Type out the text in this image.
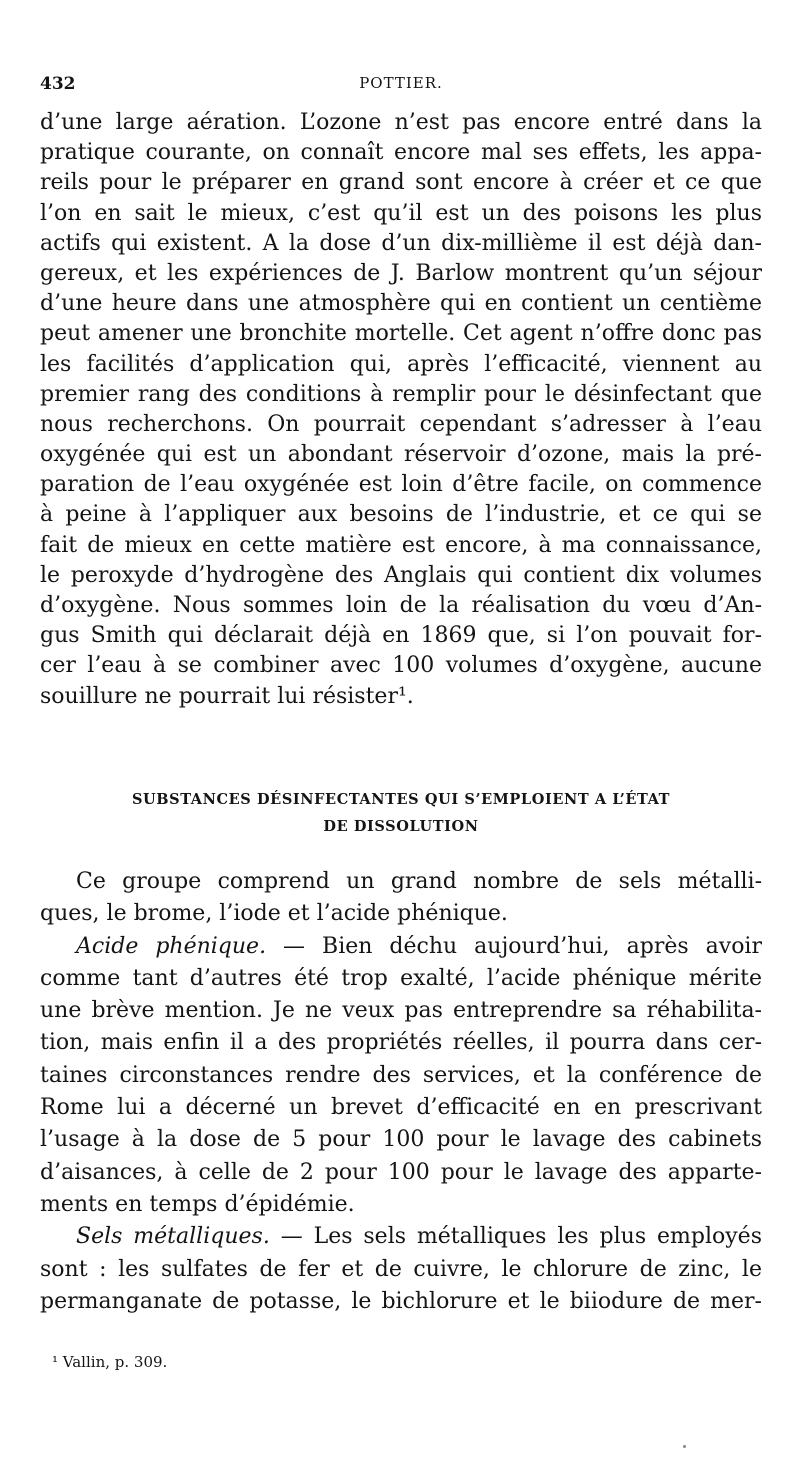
432	POTTIER.
d’une large aération. L’ozone n’est pas encore entré dans la
pratique courante, on connaît encore mal ses effets, les appa-
reils pour le préparer en grand sont encore à créer et ce que
l’on en sait le mieux, c’est qu’il est un des poisons les plus
actifs qui existent. A la dose d’un dix-millième il est déjà dan-
gereux, et les expériences de J. Barlow montrent qu’un séjour
d’une heure dans une atmosphère qui en contient un centième
peut amener une bronchite mortelle. Cet agent n’offre donc pas
les facilités d’application qui, après l’efficacité, viennent au
premier rang des conditions à remplir pour le désinfectant que
nous recherchons. On pourrait cependant s’adresser à l’eau
oxygénée qui est un abondant réservoir d’ozone, mais la pré-
paration de l’eau oxygénée est loin d’être facile, on commence
à peine à l’appliquer aux besoins de l’industrie, et ce qui se
fait de mieux en cette matière est encore, à ma connaissance,
le peroxyde d’hydrogène des Anglais qui contient dix volumes
d’oxygène. Nous sommes loin de la réalisation du vœu d’An-
gus Smith qui déclarait déjà en 1869 que, si l’on pouvait for-
cer l’eau à se combiner avec 100 volumes d’oxygène, aucune
souillure ne pourrait lui résister¹.
SUBSTANCES DÉSINFECTANTES QUI S’EMPLOIENT A L’ÉTAT
DE DISSOLUTION
Ce groupe comprend un grand nombre de sels métalli-
ques, le brome, l’iode et l’acide phénique.
Acide phénique. — Bien déchu aujourd’hui, après avoir
comme tant d’autres été trop exalté, l’acide phénique mérite
une brève mention. Je ne veux pas entreprendre sa réhabilita-
tion, mais enfin il a des propriétés réelles, il pourra dans cer-
taines circonstances rendre des services, et la conférence de
Rome lui a décerné un brevet d’efficacité en en prescrivant
l’usage à la dose de 5 pour 100 pour le lavage des cabinets
d’aisances, à celle de 2 pour 100 pour le lavage des apparte-
ments en temps d’épidémie.
Sels métalliques. — Les sels métalliques les plus employés
sont : les sulfates de fer et de cuivre, le chlorure de zinc, le
permanganate de potasse, le bichlorure et le biiodure de mer-
¹ Vallin, p. 309.
